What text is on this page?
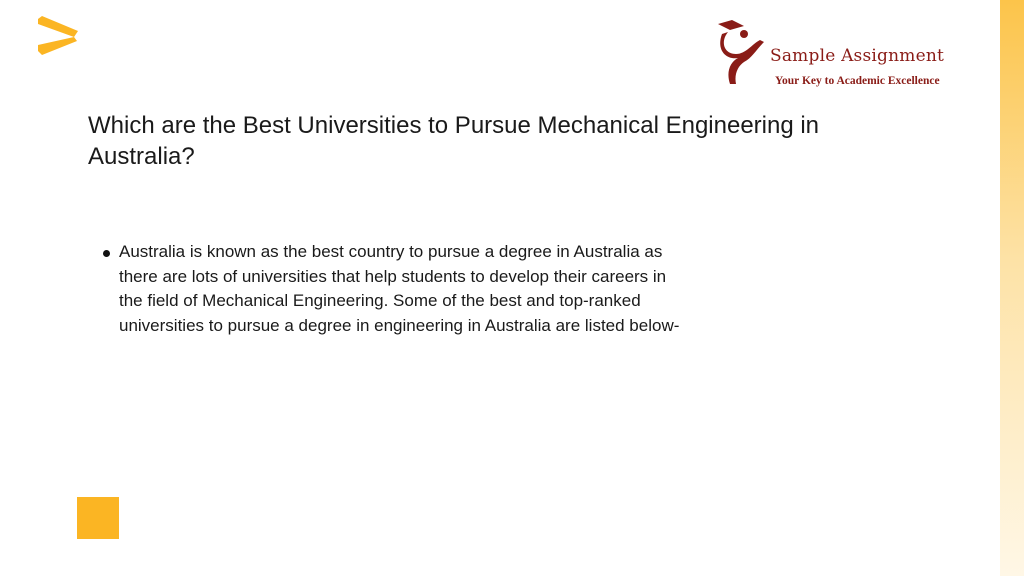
Sample Assignment
Your Key to Academic Excellence
Which are the Best Universities to Pursue Mechanical Engineering in Australia?
Australia is known as the best country to pursue a degree in Australia as there are lots of universities that help students to develop their careers in the field of Mechanical Engineering. Some of the best and top-ranked universities to pursue a degree in engineering in Australia are listed below-
